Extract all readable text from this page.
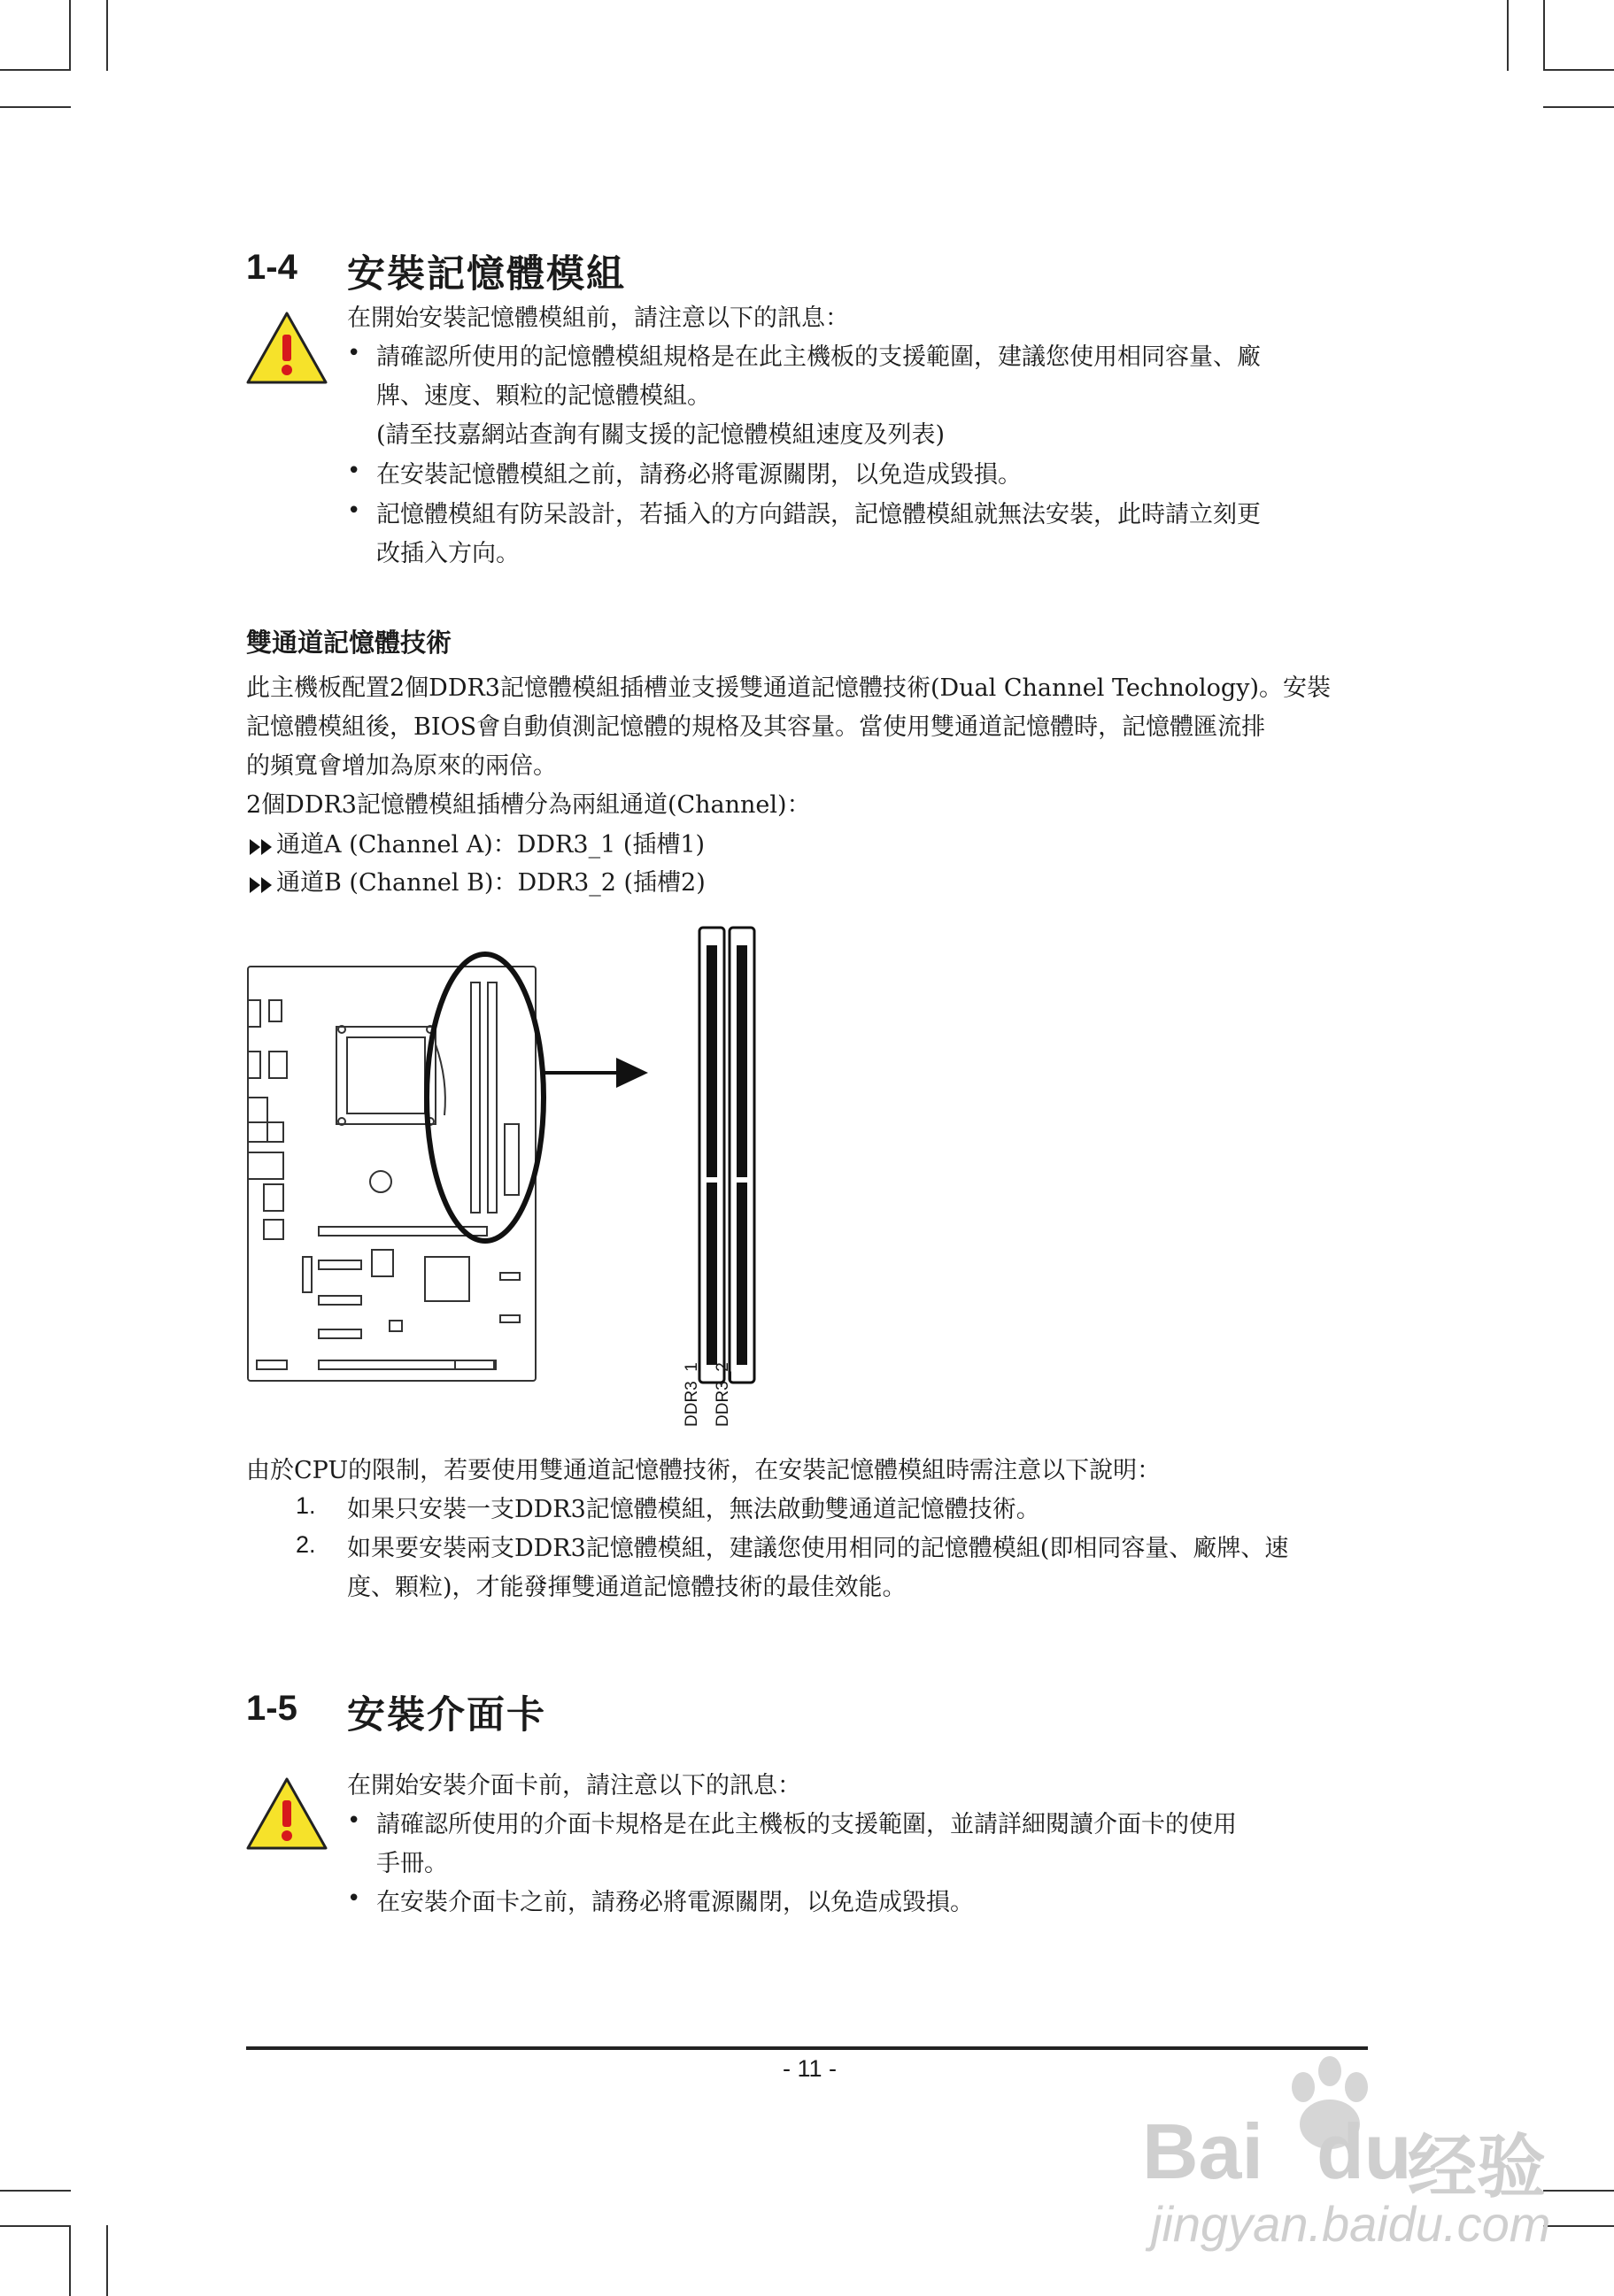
1-4 安裝記憶體模組
在開始安裝記憶體模組前，請注意以下的訊息：
• 請確認所使用的記憶體模組規格是在此主機板的支援範圍，建議您使用相同容量、廠
牌、速度、顆粒的記憶體模組。
(請至技嘉網站查詢有關支援的記憶體模組速度及列表)
• 在安裝記憶體模組之前，請務必將電源關閉，以免造成毀損。
• 記憶體模組有防呆設計，若插入的方向錯誤，記憶體模組就無法安裝，此時請立刻更
改插入方向。
雙通道記憶體技術
此主機板配置2個DDR3記憶體模組插槽並支援雙通道記憶體技術(Dual Channel Technology)。安裝
記憶體模組後，BIOS會自動偵測記憶體的規格及其容量。當使用雙通道記憶體時，記憶體匯流排
的頻寬會增加為原來的兩倍。
2個DDR3記憶體模組插槽分為兩組通道(Channel)：
通道A (Channel A)：DDR3_1 (插槽1)
通道B (Channel B)：DDR3_2 (插槽2)
DDR3_1 DDR3_2
由於CPU的限制，若要使用雙通道記憶體技術，在安裝記憶體模組時需注意以下說明：
1. 如果只安裝一支DDR3記憶體模組，無法啟動雙通道記憶體技術。
2. 如果要安裝兩支DDR3記憶體模組，建議您使用相同的記憶體模組(即相同容量、廠牌、速
度、顆粒)，才能發揮雙通道記憶體技術的最佳效能。
1-5 安裝介面卡
在開始安裝介面卡前，請注意以下的訊息：
• 請確認所使用的介面卡規格是在此主機板的支援範圍，並請詳細閱讀介面卡的使用
手冊。
• 在安裝介面卡之前，請務必將電源關閉，以免造成毀損。
- 11 -
Bai du
经验
jingyan.baidu.com
